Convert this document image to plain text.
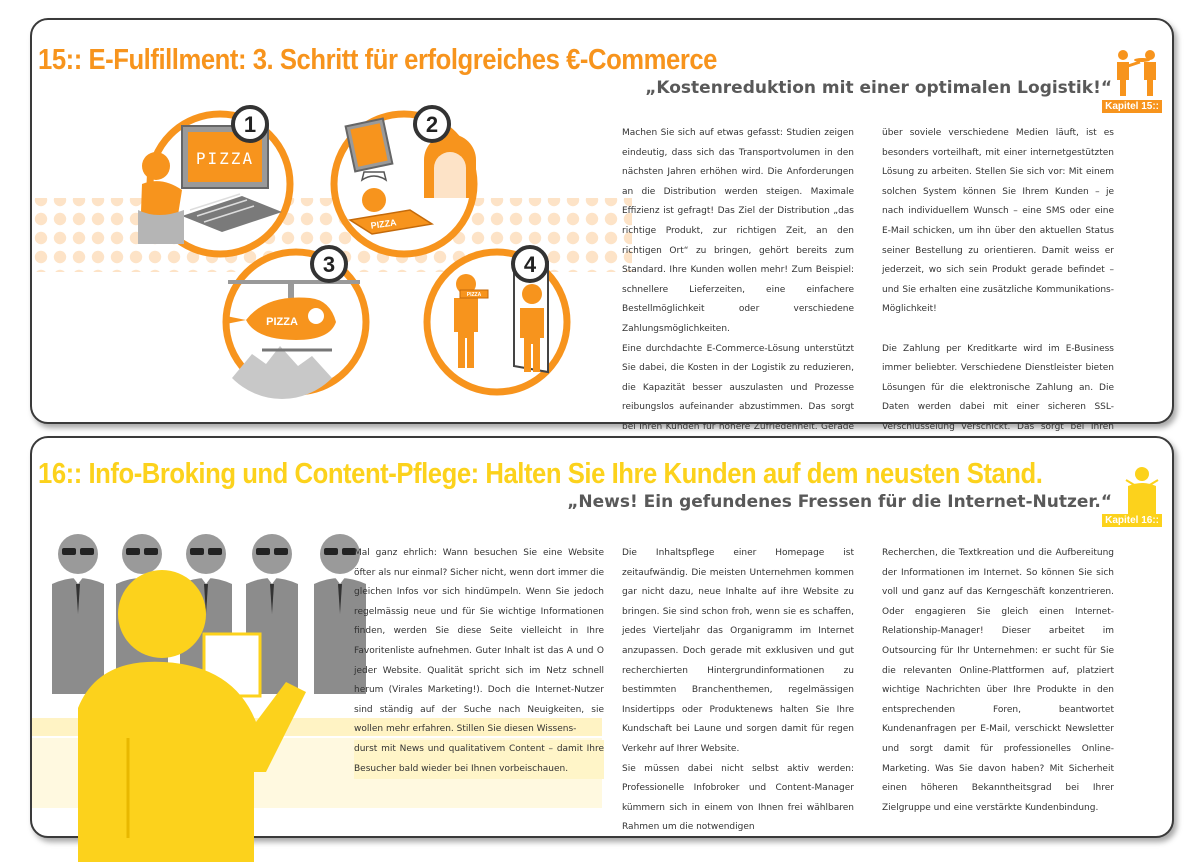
15:: E-Fulfillment: 3. Schritt für erfolgreiches €-Commerce
„Kostenreduktion mit einer optimalen Logistik!“
Kapitel 15::
1
PIZZA
2
PIZZA
3
PIZZA
4
PIZZA

Machen Sie sich auf etwas gefasst: Studien zeigen eindeutig, dass sich das Transportvolumen in den nächsten Jahren erhöhen wird. Die Anforderungen an die Distribution werden steigen. Maximale Effizienz ist gefragt! Das Ziel der Distribution „das richtige Produkt, zur richtigen Zeit, an den richtigen Ort“ zu bringen, gehört bereits zum Standard. Ihre Kunden wollen mehr! Zum Beispiel: schnellere Lieferzeiten, eine einfachere Bestellmöglichkeit oder verschiedene Zahlungsmöglichkeiten.

Eine durchdachte E-Commerce-Lösung unterstützt Sie dabei, die Kosten in der Logistik zu reduzieren, die Kapazität besser auszulasten und Prozesse reibungslos aufeinander abzustimmen. Das sorgt bei Ihren Kunden für höhere Zufriedenheit. Gerade

über soviele verschiedene Medien läuft, ist es besonders vorteilhaft, mit einer internetgestützten Lösung zu arbeiten. Stellen Sie sich vor: Mit einem solchen System können Sie Ihrem Kunden – je nach individuellem Wunsch – eine SMS oder eine E-Mail schicken, um ihn über den aktuellen Status seiner Bestellung zu orientieren. Damit weiss er jederzeit, wo sich sein Produkt gerade befindet – und Sie erhalten eine zusätzliche Kommunikations-Möglichkeit!

Die Zahlung per Kreditkarte wird im E-Business immer beliebter. Verschiedene Dienstleister bieten Lösungen für die elektronische Zahlung an. Die Daten werden dabei mit einer sicheren SSL-Verschlüsselung verschickt. Das sorgt bei Ihren

16:: Info-Broking und Content-Pflege: Halten Sie Ihre Kunden auf dem neusten Stand.
„News! Ein gefundenes Fressen für die Internet-Nutzer.“
Kapitel 16::

Mal ganz ehrlich: Wann besuchen Sie eine Website öfter als nur einmal? Sicher nicht, wenn dort immer die gleichen Infos vor sich hindümpeln. Wenn Sie jedoch regelmässig neue und für Sie wichtige Informationen finden, werden Sie diese Seite vielleicht in Ihre Favoritenliste aufnehmen. Guter Inhalt ist das A und O jeder Website. Qualität spricht sich im Netz schnell herum (Virales Marketing!). Doch die Internet-Nutzer sind ständig auf der Suche nach Neuigkeiten, sie wollen mehr erfahren. Stillen Sie diesen Wissens-

durst mit News und qualitativem Content – damit Ihre Besucher bald wieder bei Ihnen vorbeischauen.

Die Inhaltspflege einer Homepage ist zeitaufwändig. Die meisten Unternehmen kommen gar nicht dazu, neue Inhalte auf ihre Website zu bringen. Sie sind schon froh, wenn sie es schaffen, jedes Vierteljahr das Organigramm im Internet anzupassen. Doch gerade mit exklusiven und gut recherchierten Hintergrundinformationen zu bestimmten Branchenthemen, regelmässigen Insidertipps oder Produktenews halten Sie Ihre Kundschaft bei Laune und sorgen damit für regen Verkehr auf Ihrer Website.

Sie müssen dabei nicht selbst aktiv werden: Professionelle Infobroker und Content-Manager kümmern sich in einem von Ihnen frei wählbaren Rahmen um die notwendigen

Recherchen, die Textkreation und die Aufbereitung der Informationen im Internet. So können Sie sich voll und ganz auf das Kerngeschäft konzentrieren. Oder engagieren Sie gleich einen Internet-Relationship-Manager! Dieser arbeitet im Outsourcing für Ihr Unternehmen: er sucht für Sie die relevanten Online-Plattformen auf, platziert wichtige Nachrichten über Ihre Produkte in den entsprechenden Foren, beantwortet Kundenanfragen per E-Mail, verschickt Newsletter und sorgt damit für professionelles Online-Marketing. Was Sie davon haben? Mit Sicherheit einen höheren Bekanntheitsgrad bei Ihrer Zielgruppe und eine verstärkte Kundenbindung.
